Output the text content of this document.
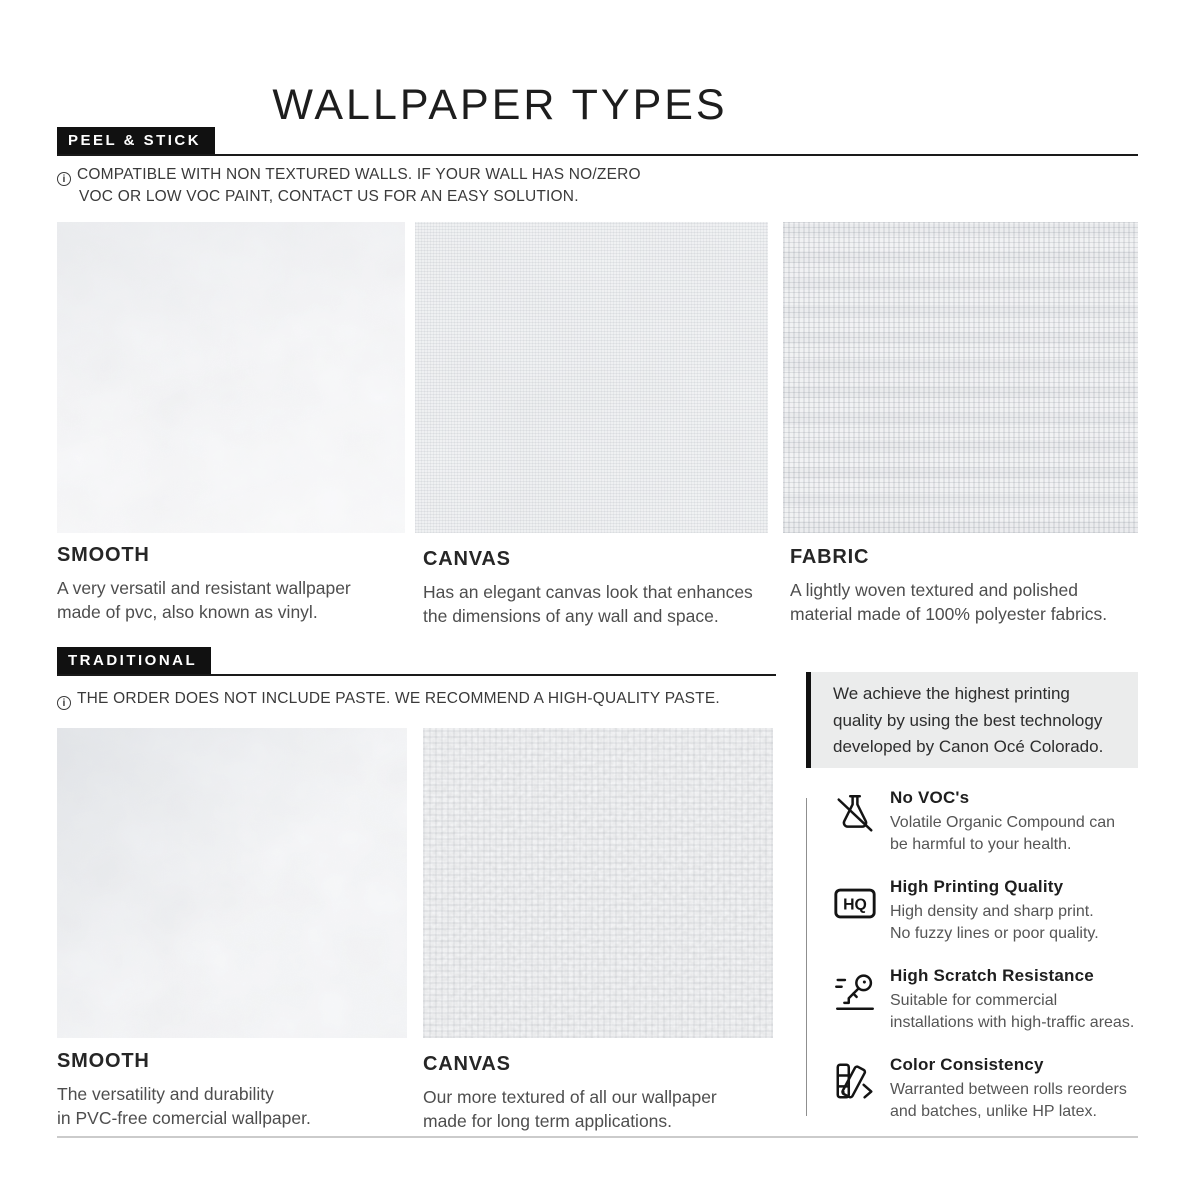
WALLPAPER TYPES
PEEL & STICK
i COMPATIBLE WITH NON TEXTURED WALLS. IF YOUR WALL HAS NO/ZERO
VOC OR LOW VOC PAINT, CONTACT US FOR AN EASY SOLUTION.
SMOOTH
A very versatil and resistant wallpaper
made of pvc, also known as vinyl.
CANVAS
Has an elegant canvas look that enhances
the dimensions of any wall and space.
FABRIC
A lightly woven textured and polished
material made of 100% polyester fabrics.
TRADITIONAL
i THE ORDER DOES NOT INCLUDE PASTE. WE RECOMMEND A HIGH-QUALITY PASTE.
SMOOTH
The versatility and durability
in PVC-free comercial wallpaper.
CANVAS
Our more textured of all our wallpaper
made for long term applications.
We achieve the highest printing
quality by using the best technology
developed by Canon Océ Colorado.
No VOC's
Volatile Organic Compound can
be harmful to your health.
HQ
High Printing Quality
High density and sharp print.
No fuzzy lines or poor quality.
High Scratch Resistance
Suitable for commercial
installations with high-traffic areas.
Color Consistency
Warranted between rolls reorders
and batches, unlike HP latex.
